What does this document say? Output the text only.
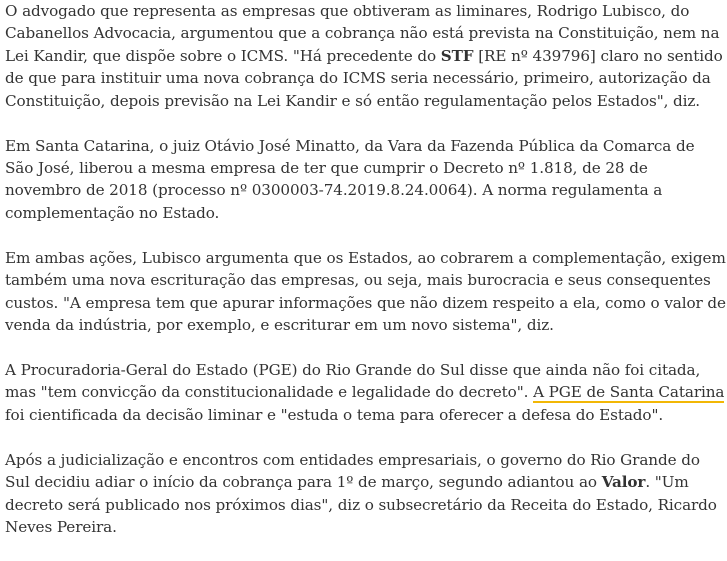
O advogado que representa as empresas que obtiveram as liminares, Rodrigo Lubisco, do Cabanellos Advocacia, argumentou que a cobrança não está prevista na Constituição, nem na Lei Kandir, que dispõe sobre o ICMS. "Há precedente do STF [RE nº 439796] claro no sentido de que para instituir uma nova cobrança do ICMS seria necessário, primeiro, autorização da Constituição, depois previsão na Lei Kandir e só então regulamentação pelos Estados", diz.

Em Santa Catarina, o juiz Otávio José Minatto, da Vara da Fazenda Pública da Comarca de São José, liberou a mesma empresa de ter que cumprir o Decreto nº 1.818, de 28 de novembro de 2018 (processo nº 0300003-74.2019.8.24.0064). A norma regulamenta a complementação no Estado.

Em ambas ações, Lubisco argumenta que os Estados, ao cobrarem a complementação, exigem também uma nova escrituração das empresas, ou seja, mais burocracia e seus consequentes custos. "A empresa tem que apurar informações que não dizem respeito a ela, como o valor de venda da indústria, por exemplo, e escriturar em um novo sistema", diz.

A Procuradoria-Geral do Estado (PGE) do Rio Grande do Sul disse que ainda não foi citada, mas "tem convicção da constitucionalidade e legalidade do decreto". A PGE de Santa Catarina foi cientificada da decisão liminar e "estuda o tema para oferecer a defesa do Estado".

Após a judicialização e encontros com entidades empresariais, o governo do Rio Grande do Sul decidiu adiar o início da cobrança para 1º de março, segundo adiantou ao Valor. "Um decreto será publicado nos próximos dias", diz o subsecretário da Receita do Estado, Ricardo Neves Pereira.
